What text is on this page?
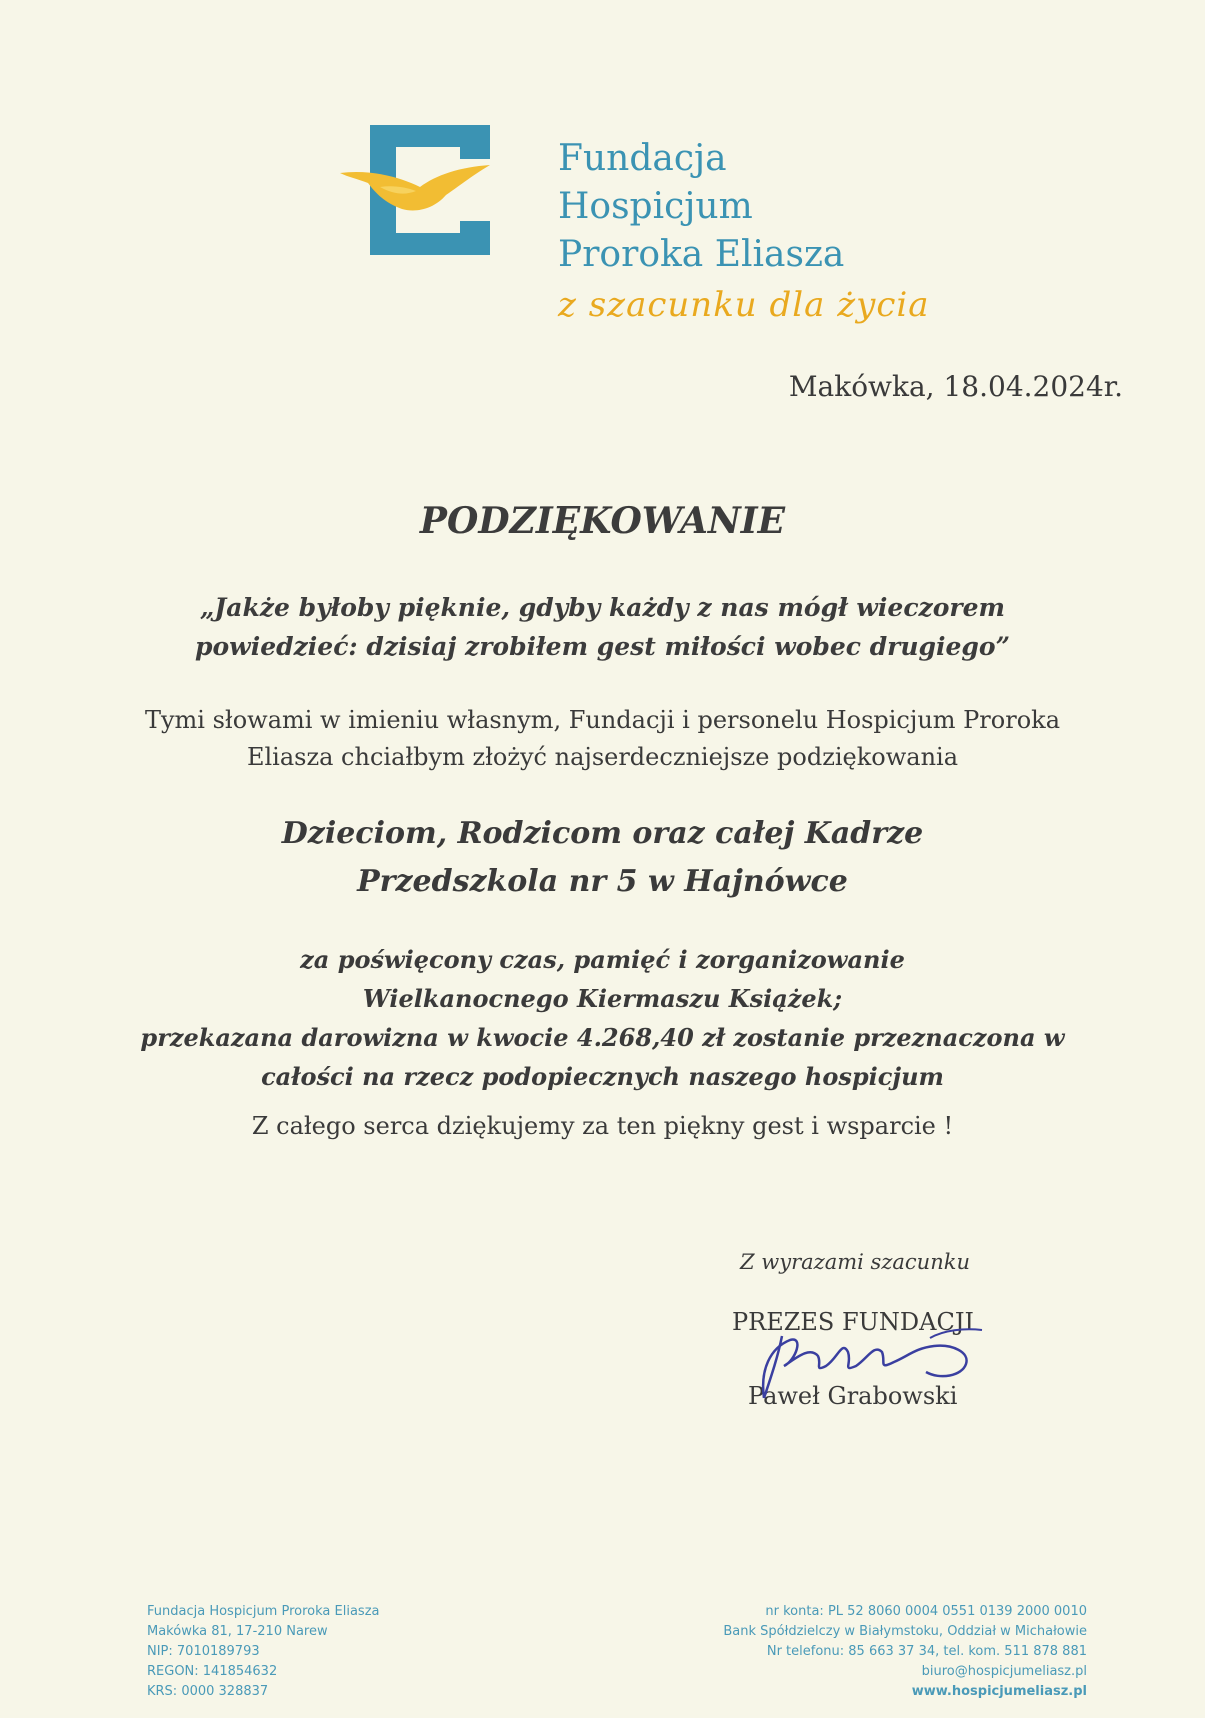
Fundacja
Hospicjum
Proroka Eliasza
z szacunku dla życia
Makówka, 18.04.2024r.
PODZIĘKOWANIE
„Jakże byłoby pięknie, gdyby każdy z nas mógł wieczorem
powiedzieć: dzisiaj zrobiłem gest miłości wobec drugiego”
Tymi słowami w imieniu własnym, Fundacji i personelu Hospicjum Proroka
Eliasza chciałbym złożyć najserdeczniejsze podziękowania
Dzieciom, Rodzicom oraz całej Kadrze
Przedszkola nr 5 w Hajnówce
za poświęcony czas, pamięć i zorganizowanie
Wielkanocnego Kiermaszu Książek;
przekazana darowizna w kwocie 4.268,40 zł zostanie przeznaczona w
całości na rzecz podopiecznych naszego hospicjum
Z całego serca dziękujemy za ten piękny gest i wsparcie !
Z wyrazami szacunku
PREZES FUNDACJI
Paweł Grabowski
Fundacja Hospicjum Proroka Eliasza
Makówka 81, 17-210 Narew
NIP: 7010189793
REGON: 141854632
KRS: 0000 328837
nr konta: PL 52 8060 0004 0551 0139 2000 0010
Bank Spółdzielczy w Białymstoku, Oddział w Michałowie
Nr telefonu: 85 663 37 34, tel. kom. 511 878 881
biuro@hospicjumeliasz.pl
www.hospicjumeliasz.pl
